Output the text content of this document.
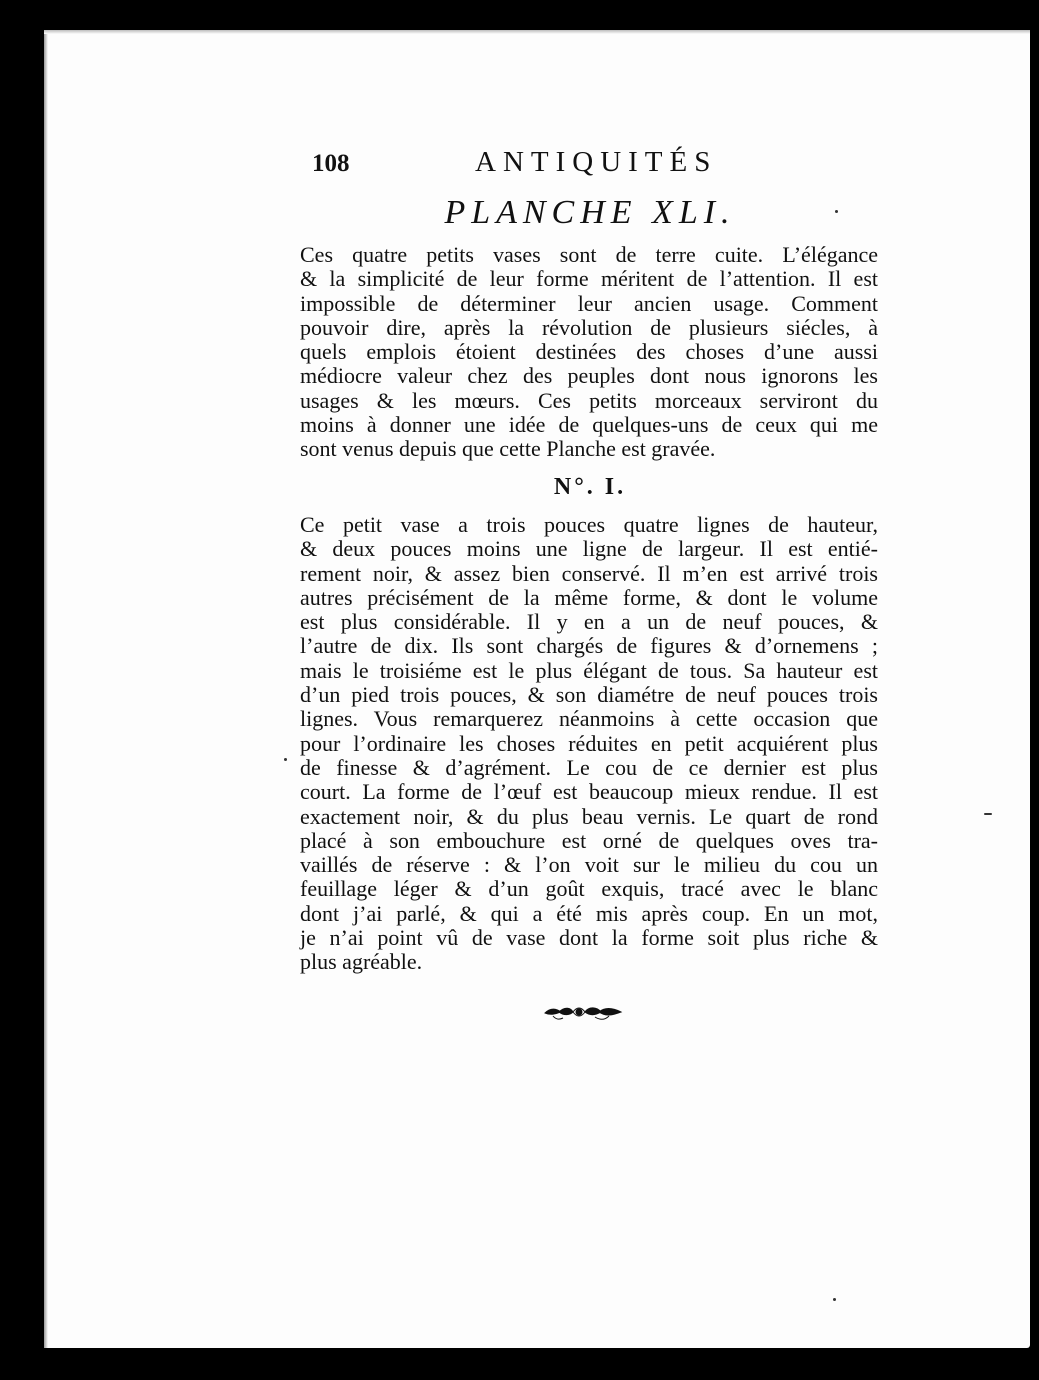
108	ANTIQUITÉS
PLANCHE XLI.
Ces quatre petits vases sont de terre cuite. L’élégance
& la simplicité de leur forme méritent de l’attention. Il est
impossible de déterminer leur ancien usage. Comment
pouvoir dire, après la révolution de plusieurs siécles, à
quels emplois étoient destinées des choses d’une aussi
médiocre valeur chez des peuples dont nous ignorons les
usages & les mœurs. Ces petits morceaux serviront du
moins à donner une idée de quelques-uns de ceux qui me
sont venus depuis que cette Planche est gravée.
N°. I.
Ce petit vase a trois pouces quatre lignes de hauteur,
& deux pouces moins une ligne de largeur. Il est entié-
rement noir, & assez bien conservé. Il m’en est arrivé trois
autres précisément de la même forme, & dont le volume
est plus considérable. Il y en a un de neuf pouces, &
l’autre de dix. Ils sont chargés de figures & d’ornemens ;
mais le troisiéme est le plus élégant de tous. Sa hauteur est
d’un pied trois pouces, & son diamétre de neuf pouces trois
lignes. Vous remarquerez néanmoins à cette occasion que
pour l’ordinaire les choses réduites en petit acquiérent plus
de finesse & d’agrément. Le cou de ce dernier est plus
court. La forme de l’œuf est beaucoup mieux rendue. Il est
exactement noir, & du plus beau vernis. Le quart de rond
placé à son embouchure est orné de quelques oves tra-
vaillés de réserve : & l’on voit sur le milieu du cou un
feuillage léger & d’un goût exquis, tracé avec le blanc
dont j’ai parlé, & qui a été mis après coup. En un mot,
je n’ai point vû de vase dont la forme soit plus riche &
plus agréable.
